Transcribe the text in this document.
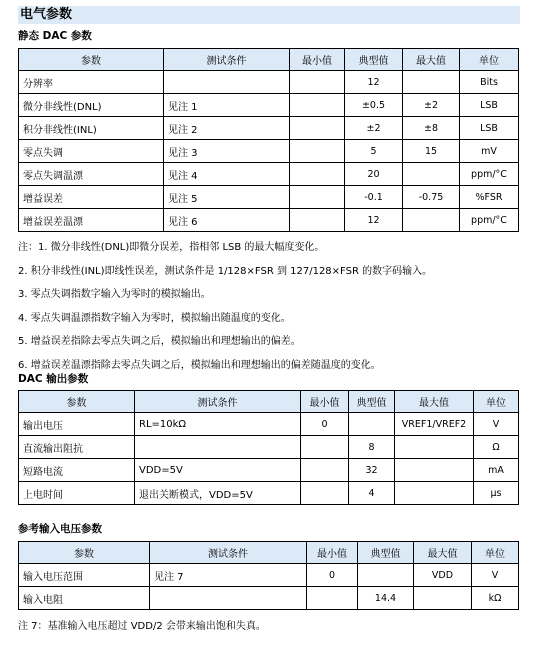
电气参数
静态 DAC 参数
参数	测试条件	最小值	典型值	最大值	单位
分辨率			12		Bits
微分非线性(DNL)	见注 1		±0.5	±2	LSB
积分非线性(INL)	见注 2		±2	±8	LSB
零点失调	见注 3		5	15	mV
零点失调温漂	见注 4		20		ppm/°C
增益误差	见注 5		-0.1	-0.75	%FSR
增益误差温漂	见注 6		12		ppm/°C
注：1. 微分非线性(DNL)即微分误差，指相邻 LSB 的最大幅度变化。
2. 积分非线性(INL)即线性误差，测试条件是 1/128×FSR 到 127/128×FSR 的数字码输入。
3. 零点失调指数字输入为零时的模拟输出。
4. 零点失调温漂指数字输入为零时，模拟输出随温度的变化。
5. 增益误差指除去零点失调之后，模拟输出和理想输出的偏差。
6. 增益误差温漂指除去零点失调之后，模拟输出和理想输出的偏差随温度的变化。
DAC 输出参数
参数	测试条件	最小值	典型值	最大值	单位
输出电压	RL=10kΩ	0		VREF1/VREF2	V
直流输出阻抗			8		Ω
短路电流	VDD=5V		32		mA
上电时间	退出关断模式，VDD=5V		4		μs
参考输入电压参数
参数	测试条件	最小值	典型值	最大值	单位
输入电压范围	见注 7	0		VDD	V
输入电阻			14.4		kΩ
注 7：基准输入电压超过 VDD/2 会带来输出饱和失真。
